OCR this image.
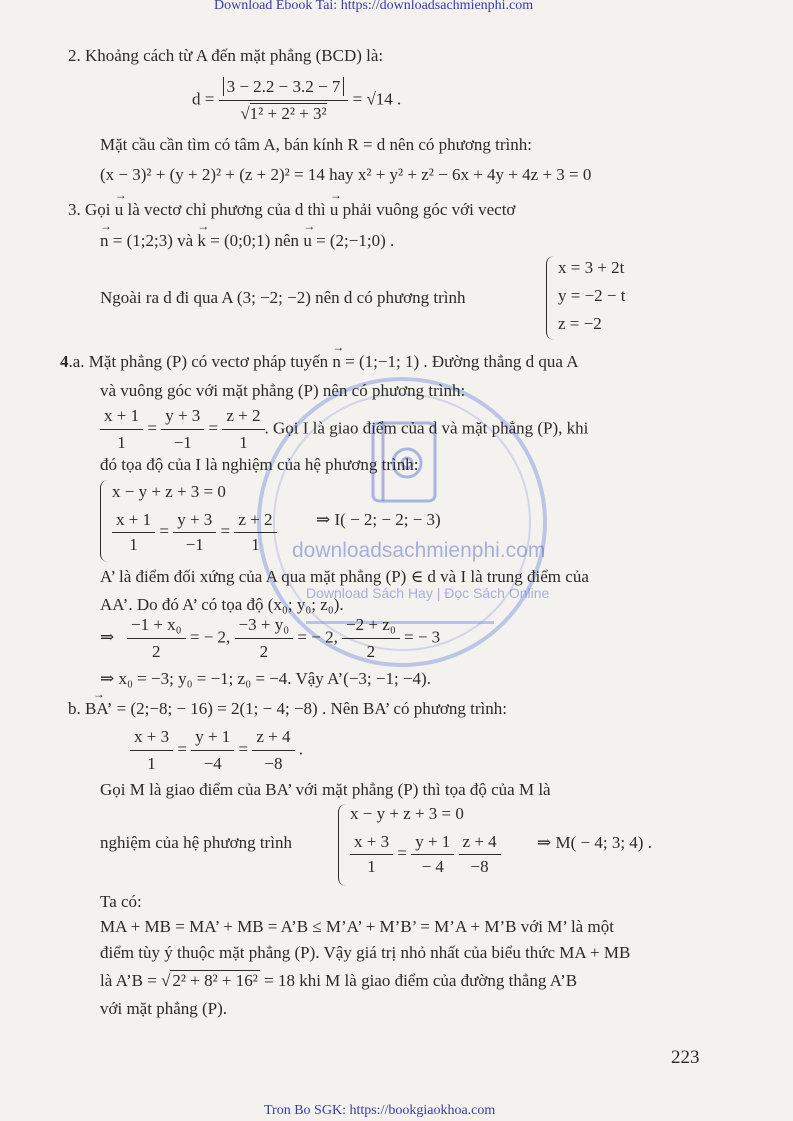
Download Ebook Tai: https://downloadsachmienphi.com
downloadsachmienphi.com
Download Sách Hay | Đọc Sách Online
2. Khoảng cách từ A đến mặt phẳng (BCD) là:
$d = \frac{3 - 2.2 - 3.2 - 7}{\text{√1² + 2² + 3²}} = √14$ .
Mặt cầu cần tìm có tâm A, bán kính R = d nên có phương trình:
(x − 3)² + (y + 2)² + (z + 2)² = 14 hay x² + y² + z² − 6x + 4y + 4z + 3 = 0
3. Gọi → u là vectơ chỉ phương của d thì → u phải vuông góc với vectơ
→ n = (1;2;3) và → k = (0;0;1) nên → u = (2;−1;0) .
Ngoài ra d đi qua A (3; −2; −2) nên d có phương trình
x = 3 + 2t
y = −2 − t
z = −2
4.a. Mặt phẳng (P) có vectơ pháp tuyến → n = (1;−1; 1) . Đường thẳng d qua A
và vuông góc với mặt phẳng (P) nên có phương trình:
$\frac{x + 1}{1} = \frac{y + 3}{-1} = \frac{z + 2}{1}$ . Gọi I là giao điểm của d và mặt phẳng (P), khi
đó tọa độ của I là nghiệm của hệ phương trình:
x − y + z + 3 = 0
$\frac{x + 1}{1} = \frac{y + 3}{-1} = \frac{z + 2}{1}$ ⇒ I( − 2; − 2; − 3)
A’ là điểm đối xứng của A qua mặt phẳng (P) ∈ d và I là trung điểm của
AA’. Do đó A’ có tọa độ (x₀; y₀; z₀).
⇒ $\frac{\text{−1 + x₀}}{2}$ = − 2, $\frac{\text{−3 + y₀}}{2}$ = − 2, $\frac{\text{−2 + z₀}}{2}$ = − 3
⇒ x₀ = −3; y₀ = −1; z₀ = −4. Vậy A’(−3; −1; −4).
b. → BA’ = (2;−8; − 16) = 2(1; − 4; −8) . Nên BA’ có phương trình:
$\frac{x + 3}{1} = \frac{y + 1}{-4} = \frac{z + 4}{-8}$ .
Gọi M là giao điểm của BA’ với mặt phẳng (P) thì tọa độ của M là
nghiệm của hệ phương trình
x − y + z + 3 = 0
$\frac{x + 3}{1} = \frac{y + 1}{- 4}$
$\frac{z + 4}{-8}$ ⇒ M( − 4; 3; 4) .
Ta có:
MA + MB = MA’ + MB = A’B ≤ M’A’ + M’B’ = M’A + M’B với M’ là một
điểm tùy ý thuộc mặt phẳng (P). Vậy giá trị nhỏ nhất của biểu thức MA + MB
là A’B = √ 2² + 8² + 16² = 18 khi M là giao điểm của đường thẳng A’B
với mặt phẳng (P).
223
Tron Bo SGK: https://bookgiaokhoa.com
